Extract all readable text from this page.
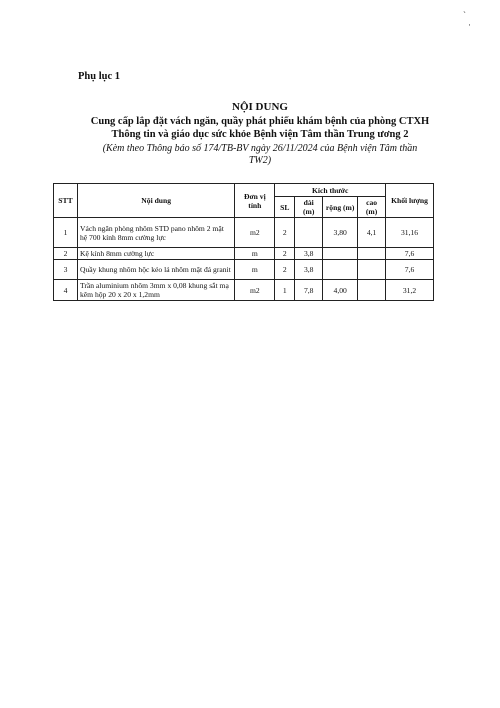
`
·
Phụ lục 1
NỘI DUNG
Cung cấp lắp đặt vách ngăn, quầy phát phiếu khám bệnh của phòng CTXH
Thông tin và giáo dục sức khỏe Bệnh viện Tâm thần Trung ương 2
(Kèm theo Thông báo số 174/TB-BV ngày 26/11/2024 của Bệnh viện Tâm thần
TW2)
STT	Nội dung	Đơn vị tính	Kích thước				Khối lượng
			SL	dài (m)	rộng (m)	cao (m)	
1	Vách ngăn phòng nhôm STD pano nhôm 2 mặt hệ 700 kính 8mm cường lực	m2	2		3,80	4,1	31,16
2	Kệ kính 8mm cường lực	m	2	3,8			7,6
3	Quầy khung nhôm hộc kéo lá nhôm mặt đá granit	m	2	3,8			7,6
4	Trần aluminium nhôm 3mm x 0,08 khung sắt mạ kẽm hộp 20 x 20 x 1,2mm	m2	1	7,8	4,00		31,2
